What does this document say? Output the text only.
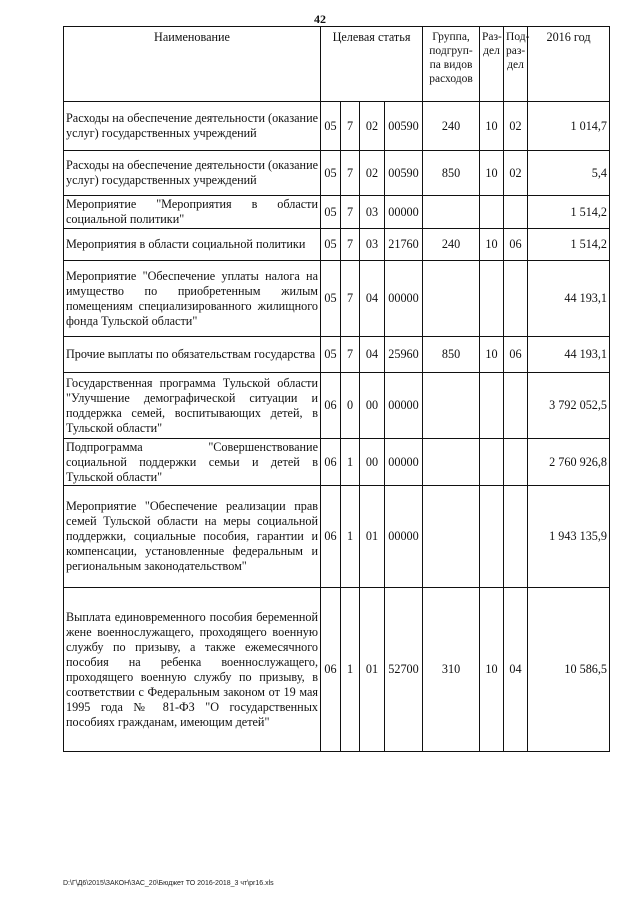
42
Наименование	Целевая статья				Группа, подгруп-па видов расходов	Раз-дел	Под-раз-дел	2016 год
Расходы на обеспечение деятельности (оказание услуг) государственных учреждений	05	7	02	00590	240	10	02	1 014,7
Расходы на обеспечение деятельности (оказание услуг) государственных учреждений	05	7	02	00590	850	10	02	5,4
Мероприятие "Мероприятия в области социальной политики"	05	7	03	00000				1 514,2
Мероприятия в области социальной политики	05	7	03	21760	240	10	06	1 514,2
Мероприятие "Обеспечение уплаты налога на имущество по приобретенным жилым помещениям специализированного жилищного фонда Тульской области"	05	7	04	00000				44 193,1
Прочие выплаты по обязательствам государства	05	7	04	25960	850	10	06	44 193,1
Государственная программа Тульской области "Улучшение демографической ситуации и поддержка семей, воспитывающих детей, в Тульской области"	06	0	00	00000				3 792 052,5
Подпрограмма "Совершенствование социальной поддержки семьи и детей в Тульской области"	06	1	00	00000				2 760 926,8
Мероприятие "Обеспечение реализации прав семей Тульской области на меры социальной поддержки, социальные пособия, гарантии и компенсации, установленные федеральным и региональным законодательством"	06	1	01	00000				1 943 135,9
Выплата единовременного пособия беременной жене военнослужащего, проходящего военную службу по призыву, а также ежемесячного пособия на ребенка военнослужащего, проходящего военную службу по призыву, в соответствии с Федеральным законом от 19 мая 1995 года № 81-ФЗ "О государственных пособиях гражданам, имеющим детей"	06	1	01	52700	310	10	04	10 586,5
D:\Г\Д6\2015\ЗАКОН\ЗАС_20\Бюджет ТО 2016-2018_3 чт\pr16.xls
